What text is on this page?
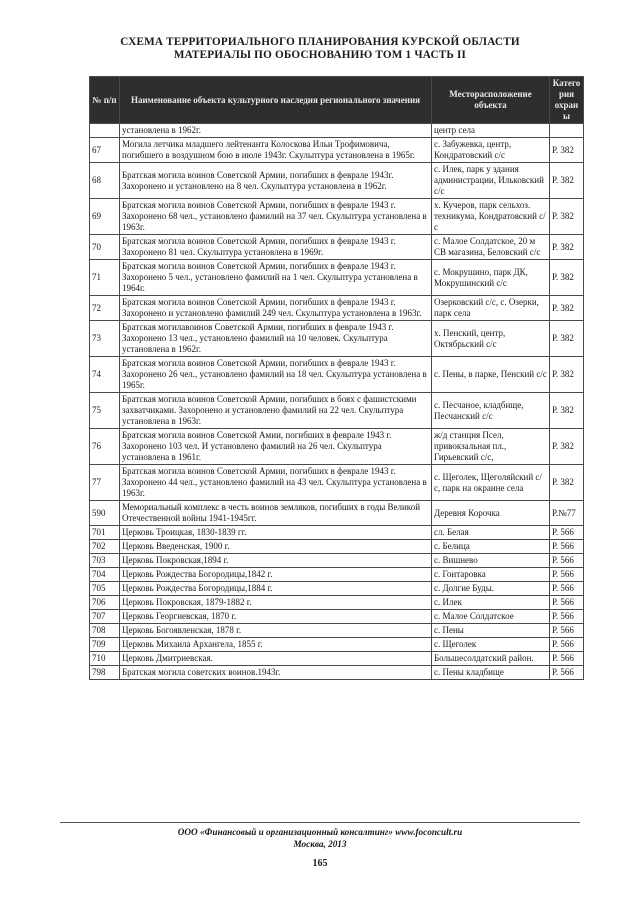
СХЕМА ТЕРРИТОРИАЛЬНОГО ПЛАНИРОВАНИЯ КУРСКОЙ ОБЛАСТИ
МАТЕРИАЛЫ ПО ОБОСНОВАНИЮ ТОМ 1 ЧАСТЬ II
№ п/п	Наименование объекта культурного наследия регионального значения	Месторасположение объекта	Категория охраны
	установлена в 1962г.	центр села	
67	Могила летчика младшего лейтенанта Колоскова Ильи Трофимовича, погибшего в воздушном бою в июле 1943г. Скульптура установлена в 1965г.	с. Забужевка, центр, Кондратовский с/с	Р. 382
68	Братская могила воинов Советской Армии, погибших в феврале 1943г. Захоронено и установлено на 8 чел. Скульптура установлена в 1962г.	с. Илек, парк у здания администрации, Ильковский с/с	Р. 382
69	Братская могила воинов Советской Армии, погибших в феврале 1943 г. Захоронено 68 чел., установлено фамилий на 37 чел. Скульптура установлена в 1963г.	х. Кучеров, парк сельхоз. техникума, Кондратовский с/с	Р. 382
70	Братская могила воинов Советской Армии, погибших в феврале 1943 г. Захоронено 81 чел. Скульптура установлена в 1969г.	с. Малое Солдатское, 20 м СВ магазина, Беловский с/с	Р. 382
71	Братская могила воинов Советской Армии, погибших в феврале 1943 г. Захоронено 5 чел., установлено фамилий на 1 чел. Скульптура установлена в 1964г.	с. Мокрушино, парк ДК, Мокрушинский с/с	Р. 382
72	Братская могила воинов Советской Армии, погибших в феврале 1943 г. Захоронено и установлено фамилий 249 чел. Скульптура установлена в 1963г.	Озерковский с/с, с. Озерки, парк села	Р. 382
73	Братская могилавоинов Советской Армии, погибших в феврале 1943 г. Захоронено 13 чел., установлено фамилий на 10 человек. Скульптура установлена в 1962г.	х. Пенский, центр, Октябрьский с/с	Р. 382
74	Братская могила воинов Советской Армии, погибших в феврале 1943 г. Захоронено 26 чел., установлено фамилий на 18 чел. Скульптура установлена в 1965г.	с. Пены, в парке, Пенский с/с	Р. 382
75	Братская могила воинов Советской Армии, погибших в боях с фашистскими захватчиками. Захоронено и установлено фамилий на 22 чел. Скульптура установлена в 1963г.	с. Песчаное, кладбище, Песчанский с/с	Р. 382
76	Братская могила воинов Советской Амии, погибших в феврале 1943 г. Захоронено 103 чел. И установлено фамилий на 26 чел. Скульптура установлена в 1961г.	ж/д станция Псел, привокзальная пл., Гирьевский с/с,	Р. 382
77	Братская могила воинов Советской Армии, погибших в феврале 1943 г. Захоронено 44 чел., установлено фамилий на 43 чел. Скульптура установлена в 1963г.	с. Щеголек, Щеголяйский с/с, парк на окраине села	Р. 382
590	Мемориальный комплекс в честь воинов земляков, погибших в годы Великой Отечественной войны 1941-1945гг.	Деревня Корочка	Р.№77
701	Церковь Троицкая, 1830-1839 гг.	сл. Белая	Р. 566
702	Церковь Введенская, 1900 г.	с. Белица	Р. 566
703	Церковь Покровская,1894 г.	с. Вишнево	Р. 566
704	Церковь Рождества Богородицы,1842 г.	с. Гонтаровка	Р. 566
705	Церковь Рождества Богородицы,1884 г.	с. Долгие Буды.	Р. 566
706	Церковь Покровская, 1879-1882 г.	с. Илек	Р. 566
707	Церковь Георгиевская, 1870 г.	с. Малое Солдатское	Р. 566
708	Церковь Богоявленская, 1878 г.	с. Пены	Р. 566
709	Церковь Михаила Архангела, 1855 г.	с. Щеголек	Р. 566
710	Церковь Дмитриевская.	Большесолдатский район.	Р. 566
798	Братская могила советских воинов.1943г.	с. Пены кладбище	Р. 566
ООО «Финансовый и организационный консалтинг» www.foconcult.ru
Москва, 2013
165
